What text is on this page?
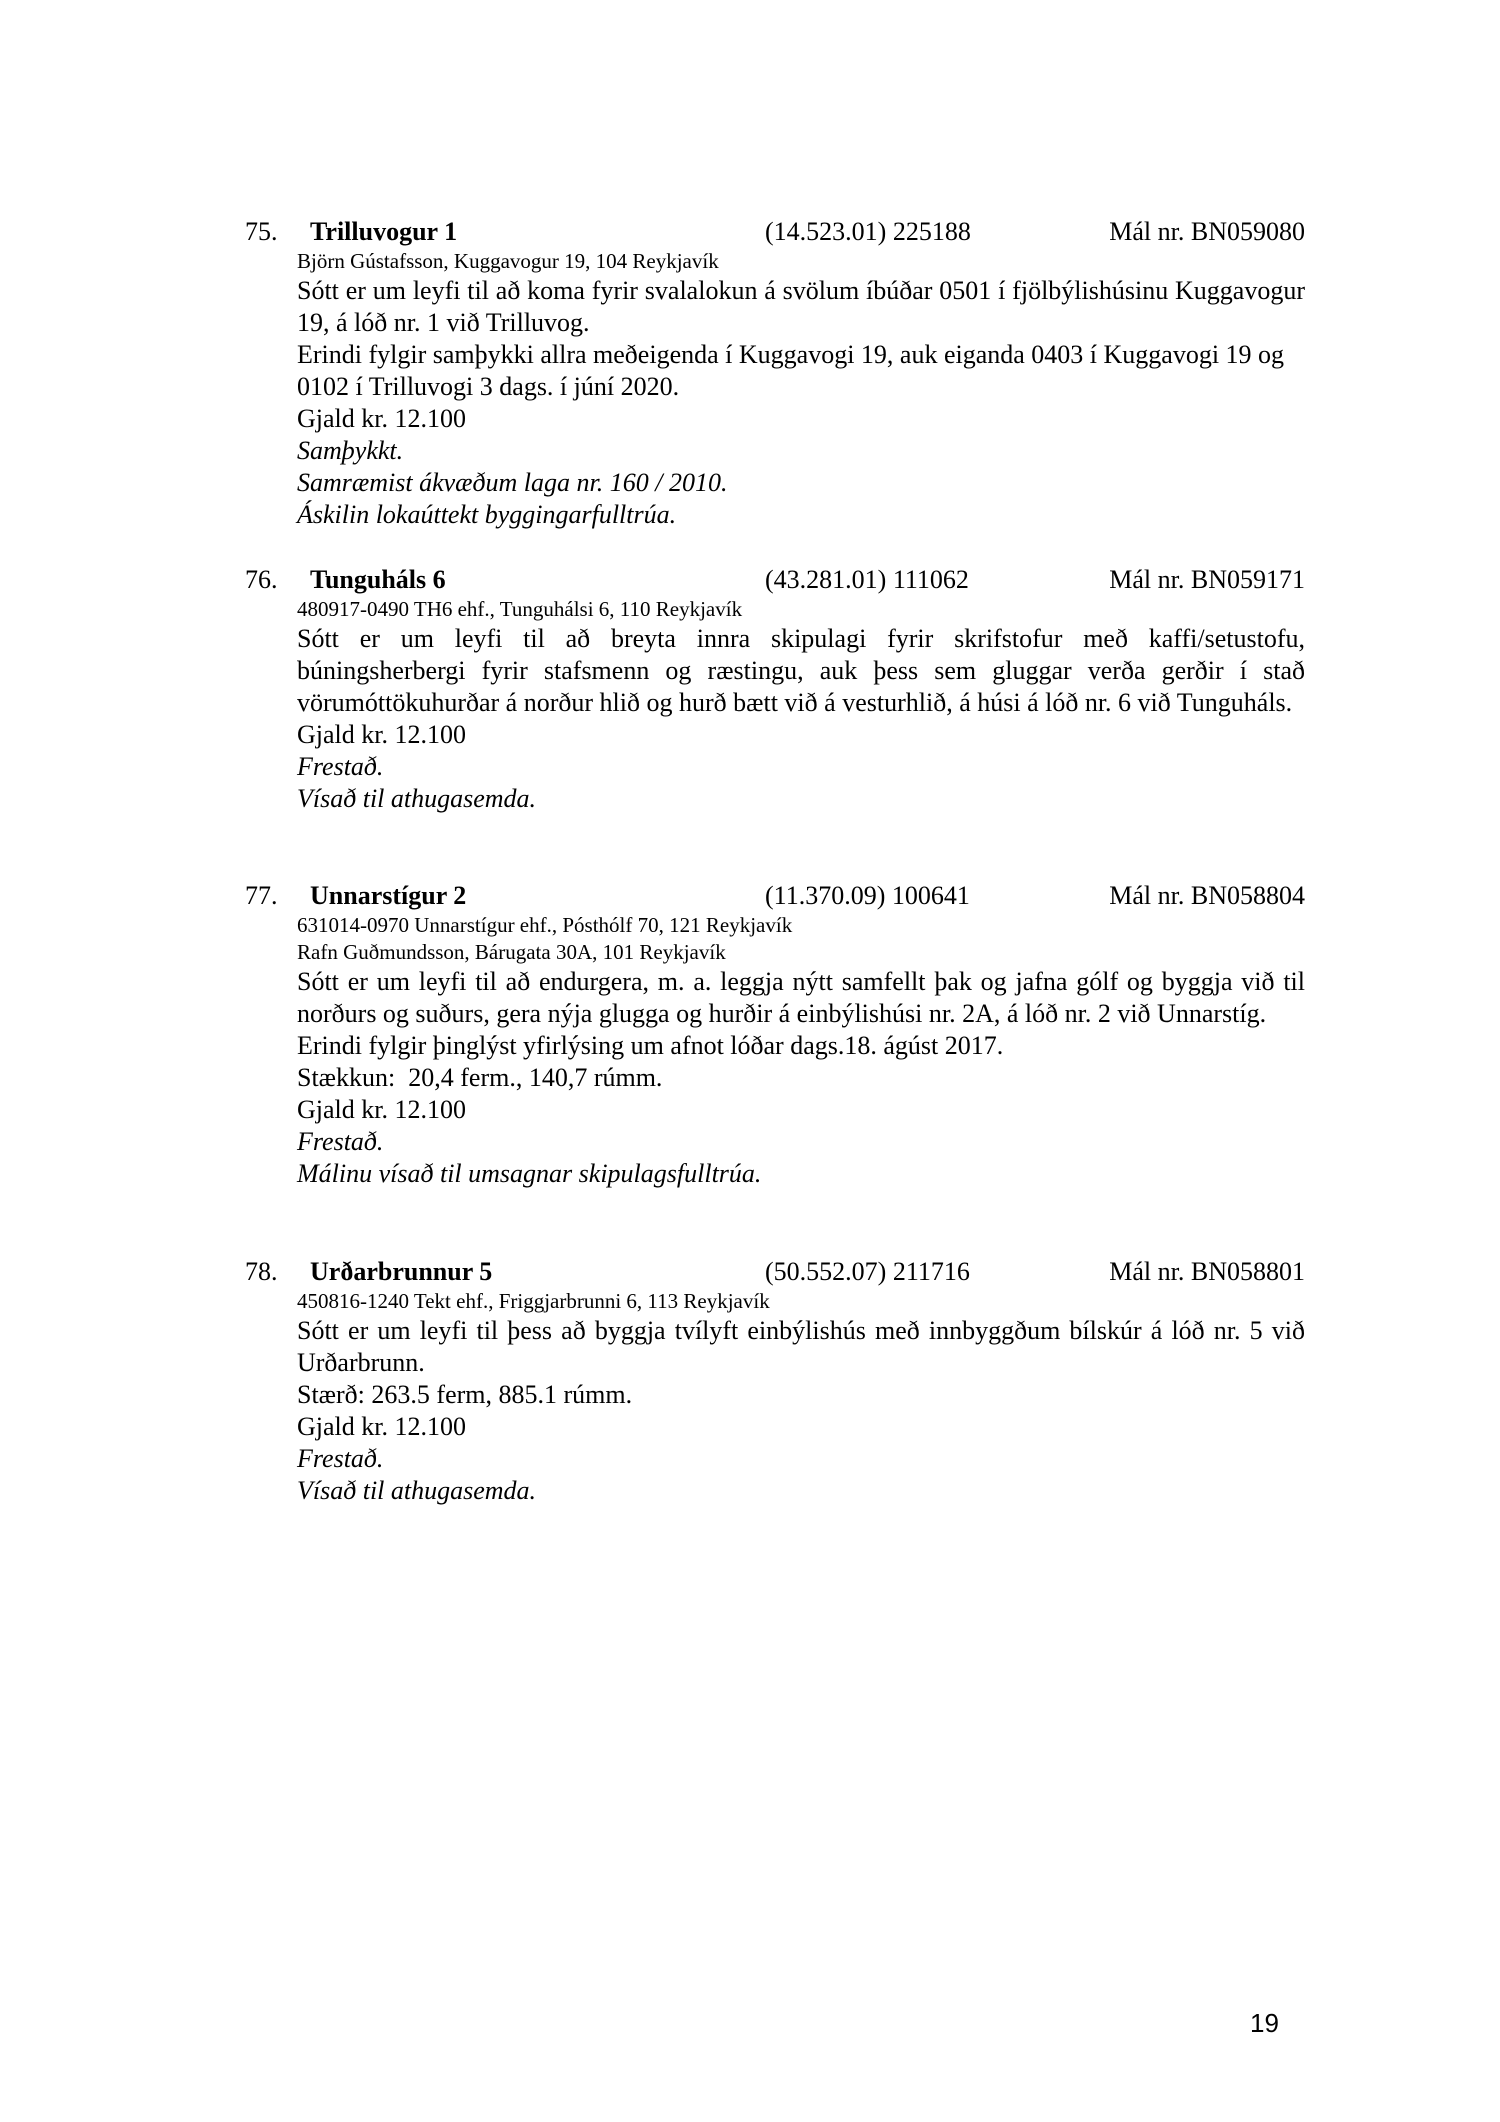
75. Trilluvogur 1	(14.523.01) 225188	Mál nr. BN059080
Björn Gústafsson, Kuggavogur 19, 104 Reykjavík
Sótt er um leyfi til að koma fyrir svalalokun á svölum íbúðar 0501 í fjölbýlishúsinu Kuggavogur 19, á lóð nr. 1 við Trilluvog.
Erindi fylgir samþykki allra meðeigenda í Kuggavogi 19, auk eiganda 0403 í Kuggavogi 19 og 0102 í Trilluvogi 3 dags. í júní 2020.
Gjald kr. 12.100
Samþykkt.
Samræmist ákvæðum laga nr. 160 / 2010.
Áskilin lokaúttekt byggingarfulltrúa.
76. Tunguháls 6	(43.281.01) 111062	Mál nr. BN059171
480917-0490 TH6 ehf., Tunguhálsi 6, 110 Reykjavík
Sótt er um leyfi til að breyta innra skipulagi fyrir skrifstofur með kaffi/setustofu, búningsherbergi fyrir stafsmenn og ræstingu, auk þess sem gluggar verða gerðir í stað vörumóttökuhurðar á norður hlið og hurð bætt við á vesturhlið, á húsi á lóð nr. 6 við Tunguháls.
Gjald kr. 12.100
Frestað.
Vísað til athugasemda.
77. Unnarstígur 2	(11.370.09) 100641	Mál nr. BN058804
631014-0970 Unnarstígur ehf., Pósthólf 70, 121 Reykjavík
Rafn Guðmundsson, Bárugata 30A, 101 Reykjavík
Sótt er um leyfi til að endurgera, m. a. leggja nýtt samfellt þak og jafna gólf og byggja við til norðurs og suðurs, gera nýja glugga og hurðir á einbýlishúsi nr. 2A, á lóð nr. 2 við Unnarstíg.
Erindi fylgir þinglýst yfirlýsing um afnot lóðar dags.18. ágúst 2017.
Stækkun:  20,4 ferm., 140,7 rúmm.
Gjald kr. 12.100
Frestað.
Málinu vísað til umsagnar skipulagsfulltrúa.
78. Urðarbrunnur 5	(50.552.07) 211716	Mál nr. BN058801
450816-1240 Tekt ehf., Friggjarbrunni 6, 113 Reykjavík
Sótt er um leyfi til þess að byggja tvílyft einbýlishús með innbyggðum bílskúr á lóð nr. 5 við Urðarbrunn.
Stærð: 263.5 ferm, 885.1 rúmm.
Gjald kr. 12.100
Frestað.
Vísað til athugasemda.
19
